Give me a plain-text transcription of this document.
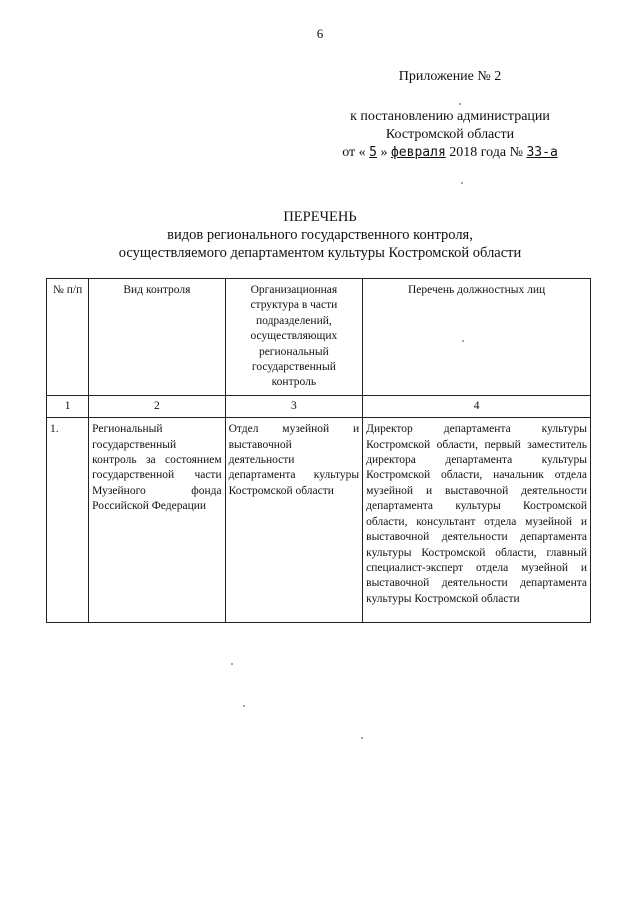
6
Приложение № 2
к постановлению администрации
Костромской области
от « 5 » февраля 2018 года № 33-а
ПЕРЕЧЕНЬ
видов регионального государственного контроля,
осуществляемого департаментом культуры Костромской области
№ п/п	Вид контроля	Организационная структура в части подразделений, осуществляющих региональный государственный контроль	Перечень должностных лиц
1	2	3	4
1.	Региональный государственный контроль за состоянием государственной части Музейного фонда Российской Федерации	Отдел музейной и выставочной деятельности департамента культуры Костромской области	Директор департамента культуры Костромской области, первый заместитель директора департамента культуры Костромской области, начальник отдела музейной и выставочной деятельности департамента культуры Костромской области, консультант отдела музейной и выставочной деятельности департамента культуры Костромской области, главный специалист-эксперт отдела музейной и выставочной деятельности департамента культуры Костромской области
